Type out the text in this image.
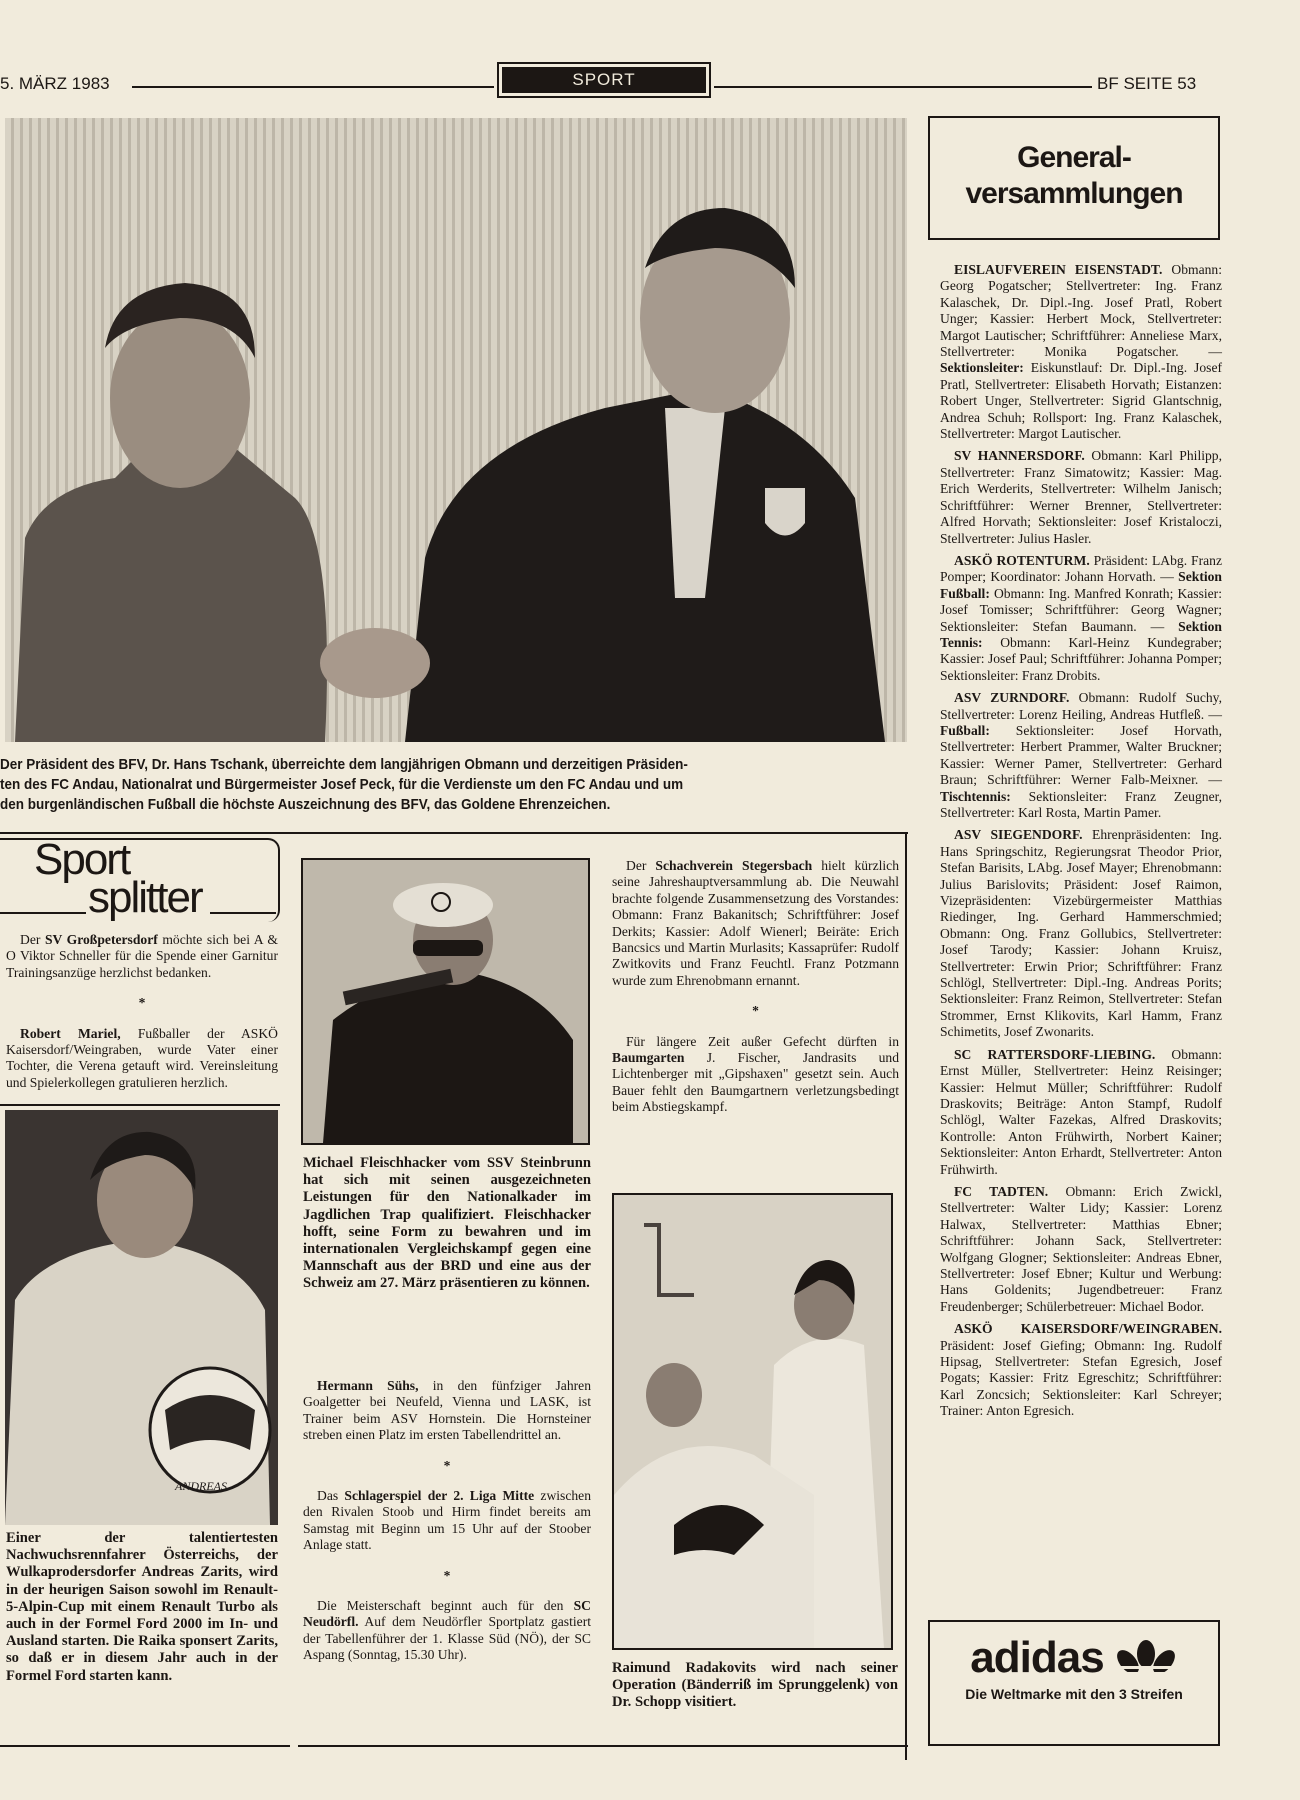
5. MÄRZ 1983	SPORT	BF SEITE 53
Der Präsident des BFV, Dr. Hans Tschank, überreichte dem langjährigen Obmann und derzeitigen Präsiden-
ten des FC Andau, Nationalrat und Bürgermeister Josef Peck, für die Verdienste um den FC Andau und um
den burgenländischen Fußball die höchste Auszeichnung des BFV, das Goldene Ehrenzeichen.
General-
versammlungen

EISLAUFVEREIN EISENSTADT. Obmann: Georg Pogatscher; Stellvertreter: Ing. Franz Kalaschek, Dr. Dipl.-Ing. Josef Pratl, Robert Unger; Kassier: Herbert Mock, Stellvertreter: Margot Lautischer; Schriftführer: Anneliese Marx, Stellvertreter: Monika Pogatscher. — Sektionsleiter: Eiskunstlauf: Dr. Dipl.-Ing. Josef Pratl, Stellvertreter: Elisabeth Horvath; Eistanzen: Robert Unger, Stellvertreter: Sigrid Glantschnig, Andrea Schuh; Rollsport: Ing. Franz Kalaschek, Stellvertreter: Margot Lautischer.

SV HANNERSDORF. Obmann: Karl Philipp, Stellvertreter: Franz Simatowitz; Kassier: Mag. Erich Werderits, Stellvertreter: Wilhelm Janisch; Schriftführer: Werner Brenner, Stellvertreter: Alfred Horvath; Sektionsleiter: Josef Kristaloczi, Stellvertreter: Julius Hasler.

ASKÖ ROTENTURM. Präsident: LAbg. Franz Pomper; Koordinator: Johann Horvath. — Sektion Fußball: Obmann: Ing. Manfred Konrath; Kassier: Josef Tomisser; Schriftführer: Georg Wagner; Sektionsleiter: Stefan Baumann. — Sektion Tennis: Obmann: Karl-Heinz Kundegraber; Kassier: Josef Paul; Schriftführer: Johanna Pomper; Sektionsleiter: Franz Drobits.

ASV ZURNDORF. Obmann: Rudolf Suchy, Stellvertreter: Lorenz Heiling, Andreas Hutfleß. —Fußball: Sektionsleiter: Josef Horvath, Stellvertreter: Herbert Prammer, Walter Bruckner; Kassier: Werner Pamer, Stellvertreter: Gerhard Braun; Schriftführer: Werner Falb-Meixner. — Tischtennis: Sektionsleiter: Franz Zeugner, Stellvertreter: Karl Rosta, Martin Pamer.

ASV SIEGENDORF. Ehrenpräsidenten: Ing. Hans Springschitz, Regierungsrat Theodor Prior, Stefan Barisits, LAbg. Josef Mayer; Ehrenobmann: Julius Barislovits; Präsident: Josef Raimon, Vizepräsidenten: Vizebürgermeister Matthias Riedinger, Ing. Gerhard Hammerschmied; Obmann: Ong. Franz Gollubics, Stellvertreter: Josef Tarody; Kassier: Johann Kruisz, Stellvertreter: Erwin Prior; Schriftführer: Franz Schlögl, Stellvertreter: Dipl.-Ing. Andreas Porits; Sektionsleiter: Franz Reimon, Stellvertreter: Stefan Strommer, Ernst Klikovits, Karl Hamm, Franz Schimetits, Josef Zwonarits.

SC RATTERSDORF-LIEBING. Obmann: Ernst Müller, Stellvertreter: Heinz Reisinger; Kassier: Helmut Müller; Schriftführer: Rudolf Draskovits; Beiträge: Anton Stampf, Rudolf Schlögl, Walter Fazekas, Alfred Draskovits; Kontrolle: Anton Frühwirth, Norbert Kainer; Sektionsleiter: Anton Erhardt, Stellvertreter: Anton Frühwirth.

FC TADTEN. Obmann: Erich Zwickl, Stellvertreter: Walter Lidy; Kassier: Lorenz Halwax, Stellvertreter: Matthias Ebner; Schriftführer: Johann Sack, Stellvertreter: Wolfgang Glogner; Sektionsleiter: Andreas Ebner, Stellvertreter: Josef Ebner; Kultur und Werbung: Hans Goldenits; Jugendbetreuer: Franz Freudenberger; Schülerbetreuer: Michael Bodor.

ASKÖ KAISERSDORF/WEINGRABEN. Präsident: Josef Giefing; Obmann: Ing. Rudolf Hipsag, Stellvertreter: Stefan Egresich, Josef Pogats; Kassier: Fritz Egreschitz; Schriftführer: Karl Zoncsich; Sektionsleiter: Karl Schreyer; Trainer: Anton Egresich.

Sport
splitter

Der SV Großpetersdorf möchte sich bei A & O Viktor Schneller für die Spende einer Garnitur Trainingsanzüge herzlichst bedanken.

*

Robert Mariel, Fußballer der ASKÖ Kaisersdorf/Weingraben, wurde Vater einer Tochter, die Verena getauft wird. Vereinsleitung und Spielerkollegen gratulieren herzlich.

ANDREAS
Einer der talentiertesten Nachwuchsrennfahrer Österreichs, der Wulkaprodersdorfer Andreas Zarits, wird in der heurigen Saison sowohl im Renault-5-Alpin-Cup mit einem Renault Turbo als auch in der Formel Ford 2000 im In- und Ausland starten. Die Raika sponsert Zarits, so daß er in diesem Jahr auch in der Formel Ford starten kann.
Michael Fleischhacker vom SSV Steinbrunn hat sich mit seinen ausgezeichneten Leistungen für den Nationalkader im Jagdlichen Trap qualifiziert. Fleischhacker hofft, seine Form zu bewahren und im internationalen Vergleichskampf gegen eine Mannschaft aus der BRD und eine aus der Schweiz am 27. März präsentieren zu können.

Hermann Sühs, in den fünfziger Jahren Goalgetter bei Neufeld, Vienna und LASK, ist Trainer beim ASV Hornstein. Die Hornsteiner streben einen Platz im ersten Tabellendrittel an.

*

Das Schlagerspiel der 2. Liga Mitte zwischen den Rivalen Stoob und Hirm findet bereits am Samstag mit Beginn um 15 Uhr auf der Stoober Anlage statt.

*

Die Meisterschaft beginnt auch für den SC Neudörfl. Auf dem Neudörfler Sportplatz gastiert der Tabellenführer der 1. Klasse Süd (NÖ), der SC Aspang (Sonntag, 15.30 Uhr).

Der Schachverein Stegersbach hielt kürzlich seine Jahreshauptversammlung ab. Die Neuwahl brachte folgende Zusammensetzung des Vorstandes: Obmann: Franz Bakanitsch; Schriftführer: Josef Derkits; Kassier: Adolf Wienerl; Beiräte: Erich Bancsics und Martin Murlasits; Kassaprüfer: Rudolf Zwitkovits und Franz Feuchtl. Franz Potzmann wurde zum Ehrenobmann ernannt.

*

Für längere Zeit außer Gefecht dürften in Baumgarten J. Fischer, Jandrasits und Lichtenberger mit „Gipshaxen" gesetzt sein. Auch Bauer fehlt den Baumgartnern verletzungsbedingt beim Abstiegskampf.

Raimund Radakovits wird nach seiner Operation (Bänderriß im Sprunggelenk) von Dr. Schopp visitiert.
adidas
Die Weltmarke mit den 3 Streifen
